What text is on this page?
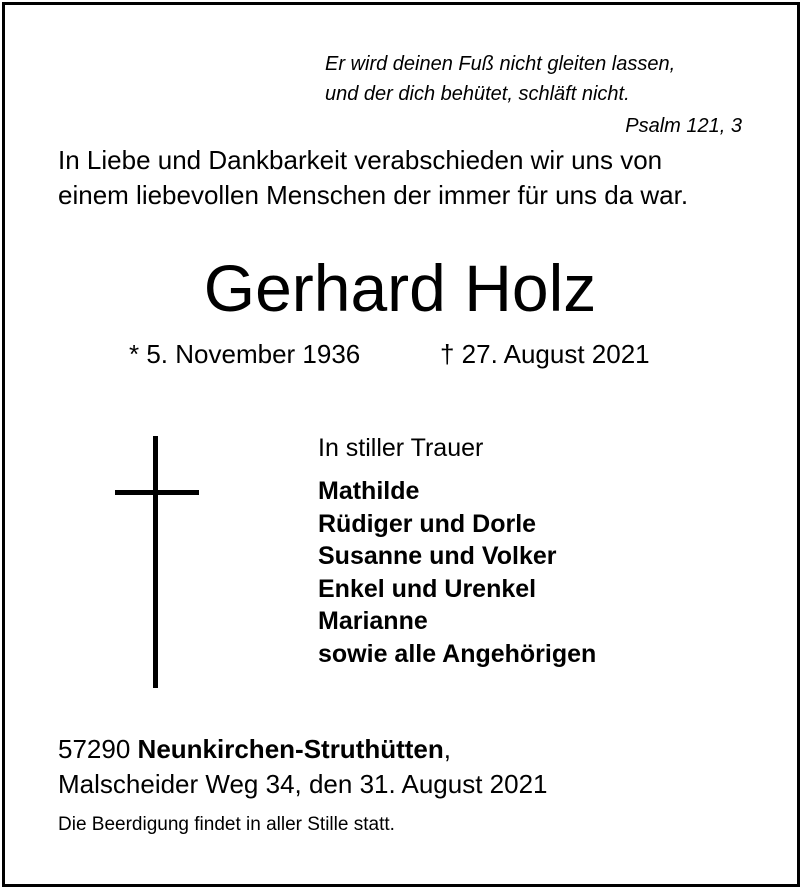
Er wird deinen Fuß nicht gleiten lassen,
und der dich behütet, schläft nicht.
Psalm 121, 3
In Liebe und Dankbarkeit verabschieden wir uns von
einem liebevollen Menschen der immer für uns da war.
Gerhard Holz
* 5. November 1936	† 27. August 2021
In stiller Trauer
Mathilde
Rüdiger und Dorle
Susanne und Volker
Enkel und Urenkel
Marianne
sowie alle Angehörigen
57290 Neunkirchen-Struthütten,
Malscheider Weg 34, den 31. August 2021
Die Beerdigung findet in aller Stille statt.
